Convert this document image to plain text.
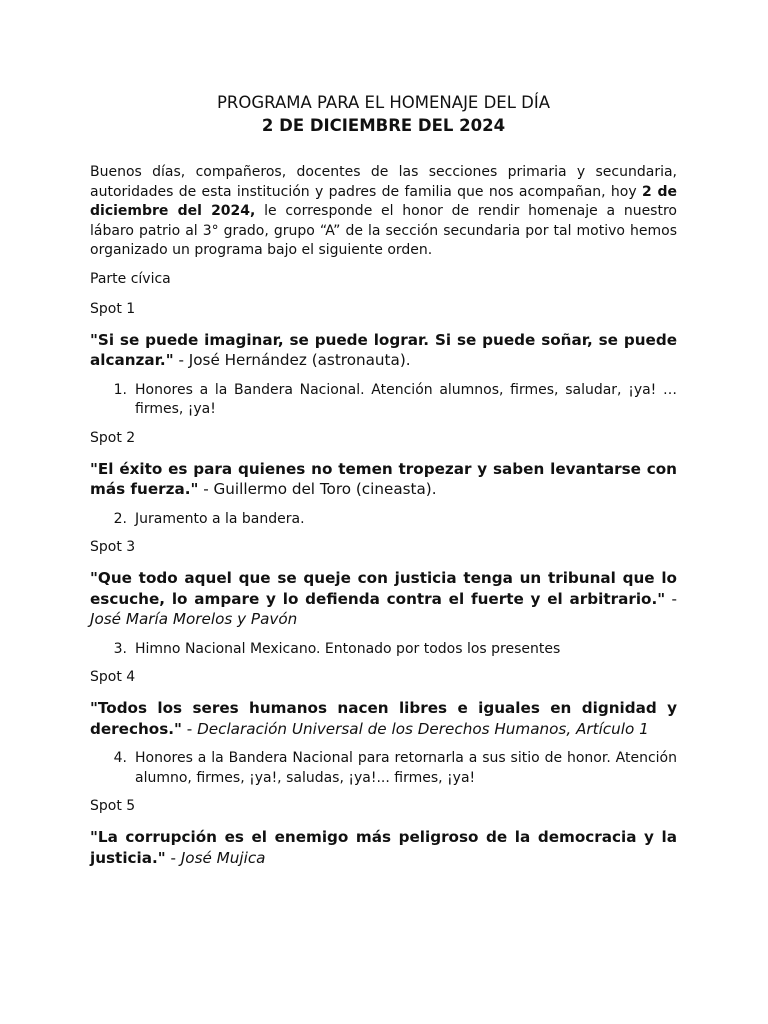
PROGRAMA PARA EL HOMENAJE DEL DÍA
2 DE DICIEMBRE DEL 2024

Buenos días, compañeros, docentes de las secciones primaria y secundaria, autoridades de esta institución y padres de familia que nos acompañan, hoy 2 de diciembre del 2024, le corresponde el honor de rendir homenaje a nuestro lábaro patrio al 3° grado, grupo “A” de la sección secundaria por tal motivo hemos organizado un programa bajo el siguiente orden.

Parte cívica

Spot 1

"Si se puede imaginar, se puede lograr. Si se puede soñar, se puede alcanzar." - José Hernández (astronauta).

1. Honores a la Bandera Nacional. Atención alumnos, firmes, saludar, ¡ya! … firmes, ¡ya!

Spot 2

"El éxito es para quienes no temen tropezar y saben levantarse con más fuerza." - Guillermo del Toro (cineasta).

2. Juramento a la bandera.

Spot 3

"Que todo aquel que se queje con justicia tenga un tribunal que lo escuche, lo ampare y lo defienda contra el fuerte y el arbitrario." - José María Morelos y Pavón

3. Himno Nacional Mexicano. Entonado por todos los presentes

Spot 4

"Todos los seres humanos nacen libres e iguales en dignidad y derechos." - Declaración Universal de los Derechos Humanos, Artículo 1

4. Honores a la Bandera Nacional para retornarla a sus sitio de honor. Atención alumno, firmes, ¡ya!, saludas, ¡ya!... firmes, ¡ya!

Spot 5

"La corrupción es el enemigo más peligroso de la democracia y la justicia." - José Mujica
